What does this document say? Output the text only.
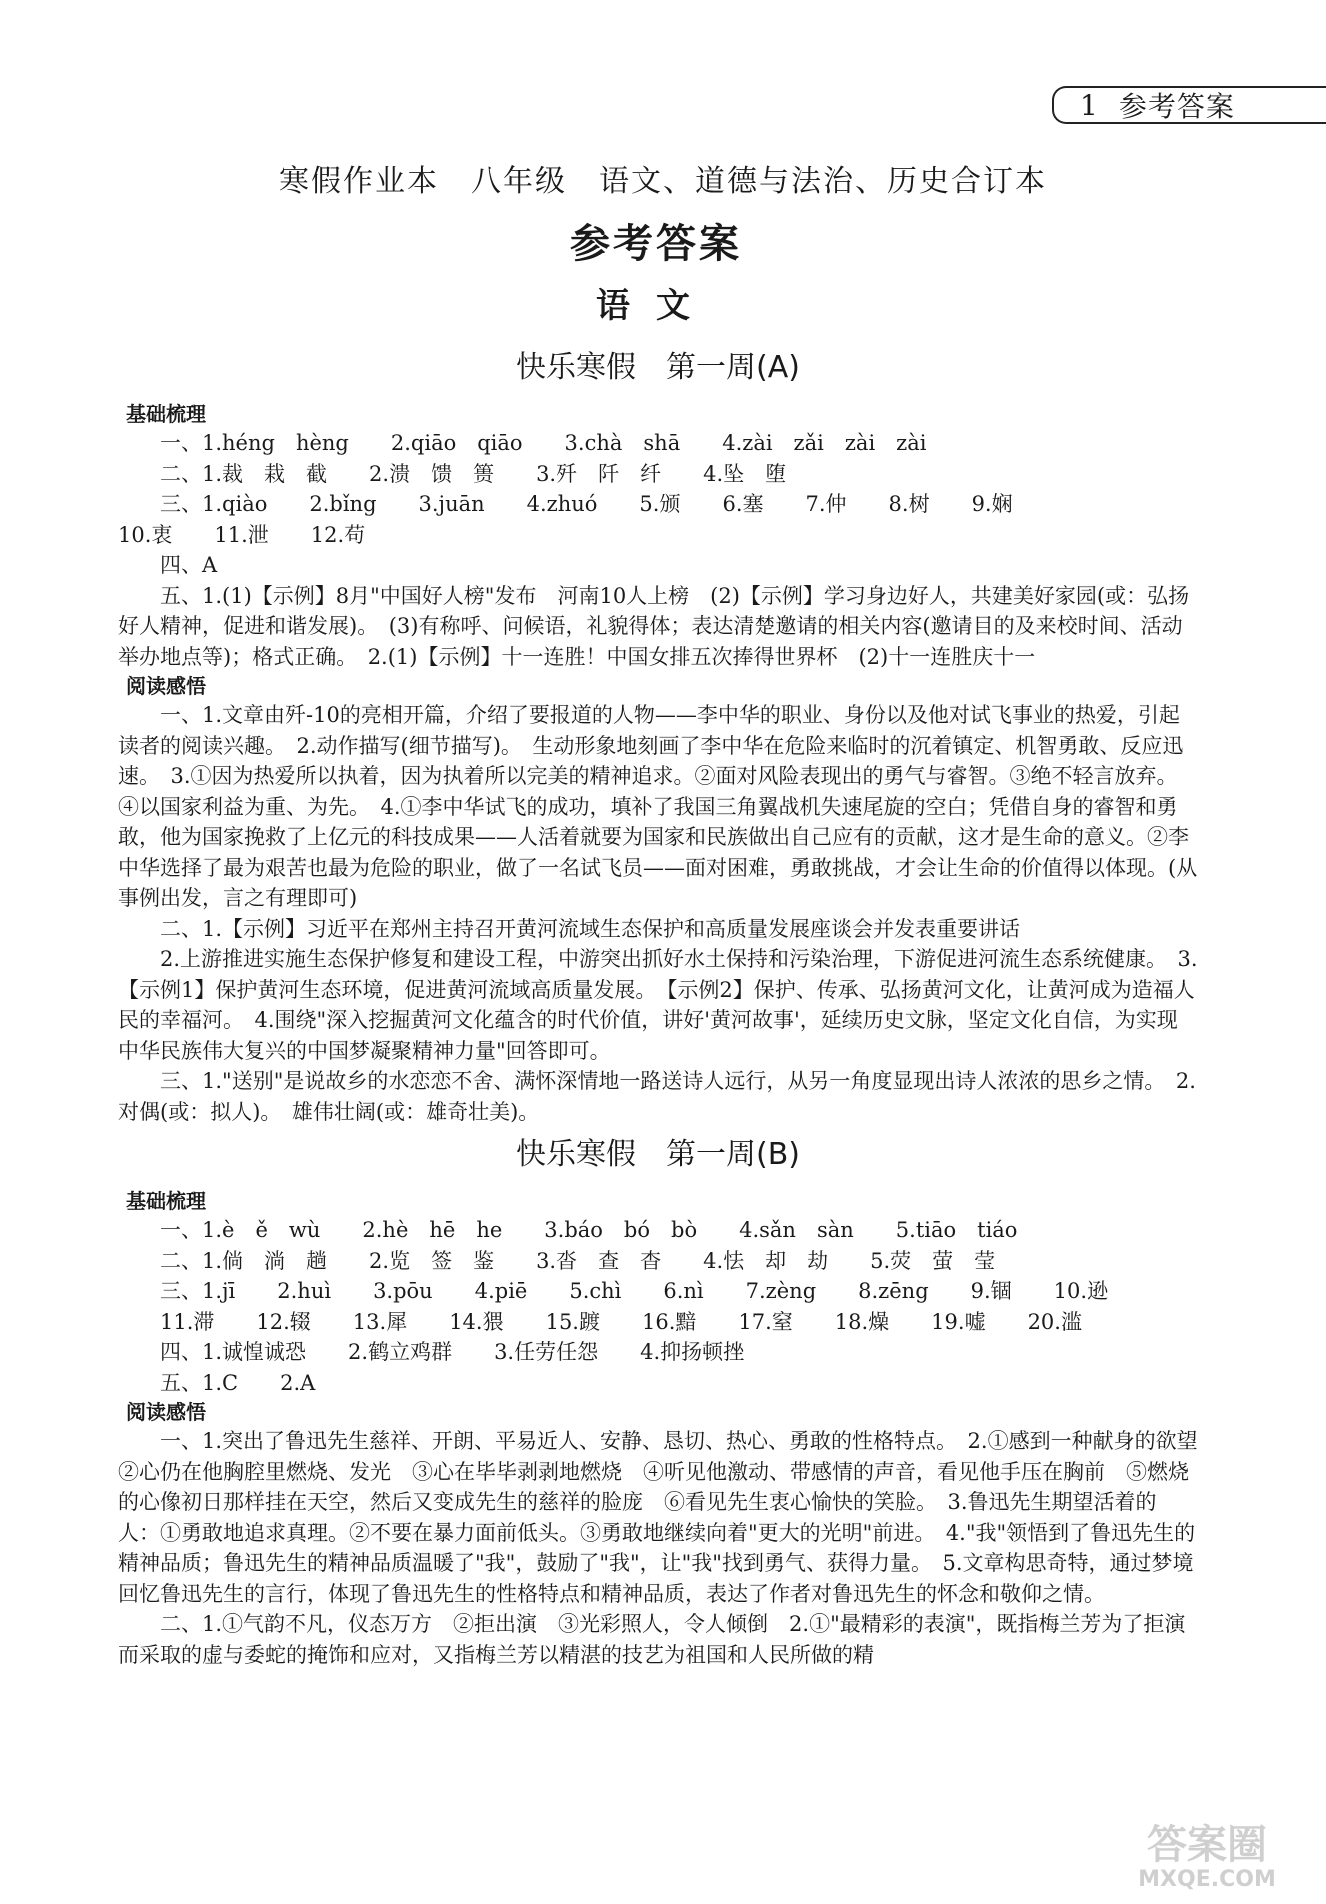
1 参考答案
寒假作业本　八年级　语文、道德与法治、历史合订本
参考答案
语文
快乐寒假　第一周(A)
基础梳理

一、1.héng　hèng　　2.qiāo　qiāo　　3.chà　shā　　4.zài　zǎi　zài　zài

二、1.裁　栽　截　　2.溃　馈　篑　　3.歼　阡　纤　　4.坠　堕

三、1.qiào　　2.bǐng　　3.juān　　4.zhuó　　5.颁　　6.塞　　7.仲　　8.树　　9.娴

10.衷　　11.泄　　12.苟

四、A

五、1.(1)【示例】8月"中国好人榜"发布　河南10人上榜　(2)【示例】学习身边好人，共建美好家园(或：弘扬好人精神，促进和谐发展)。　(3)有称呼、问候语，礼貌得体；表达清楚邀请的相关内容(邀请目的及来校时间、活动举办地点等)；格式正确。　2.(1)【示例】十一连胜！中国女排五次捧得世界杯　(2)十一连胜庆十一

阅读感悟

一、1.文章由歼-10的亮相开篇，介绍了要报道的人物——李中华的职业、身份以及他对试飞事业的热爱，引起读者的阅读兴趣。　2.动作描写(细节描写)。　生动形象地刻画了李中华在危险来临时的沉着镇定、机智勇敢、反应迅速。　3.①因为热爱所以执着，因为执着所以完美的精神追求。②面对风险表现出的勇气与睿智。③绝不轻言放弃。④以国家利益为重、为先。　4.①李中华试飞的成功，填补了我国三角翼战机失速尾旋的空白；凭借自身的睿智和勇敢，他为国家挽救了上亿元的科技成果——人活着就要为国家和民族做出自己应有的贡献，这才是生命的意义。②李中华选择了最为艰苦也最为危险的职业，做了一名试飞员——面对困难，勇敢挑战，才会让生命的价值得以体现。(从事例出发，言之有理即可)

二、1.【示例】习近平在郑州主持召开黄河流域生态保护和高质量发展座谈会并发表重要讲话

2.上游推进实施生态保护修复和建设工程，中游突出抓好水土保持和污染治理，下游促进河流生态系统健康。　3.【示例1】保护黄河生态环境，促进黄河流域高质量发展。　【示例2】保护、传承、弘扬黄河文化，让黄河成为造福人民的幸福河。　4.围绕"深入挖掘黄河文化蕴含的时代价值，讲好'黄河故事'，延续历史文脉，坚定文化自信，为实现中华民族伟大复兴的中国梦凝聚精神力量"回答即可。

三、1."送别"是说故乡的水恋恋不舍、满怀深情地一路送诗人远行，从另一角度显现出诗人浓浓的思乡之情。　2.对偶(或：拟人)。　雄伟壮阔(或：雄奇壮美)。

快乐寒假　第一周(B)
基础梳理

一、1.è　ě　wù　　2.hè　hē　he　　3.báo　bó　bò　　4.sǎn　sàn　　5.tiāo　tiáo

二、1.倘　淌　趟　　2.览　签　鉴　　3.沓　查　杳　　4.怯　却　劫　　5.荧　萤　莹

三、1.jī　　2.huì　　3.pōu　　4.piē　　5.chì　　6.nì　　7.zèng　　8.zēng　　9.锢　　10.逊

11.滞　　12.辍　　13.犀　　14.猥　　15.踱　　16.黯　　17.窒　　18.燥　　19.嘘　　20.滥

四、1.诚惶诚恐　　2.鹤立鸡群　　3.任劳任怨　　4.抑扬顿挫

五、1.C　　2.A

阅读感悟

一、1.突出了鲁迅先生慈祥、开朗、平易近人、安静、恳切、热心、勇敢的性格特点。　2.①感到一种献身的欲望　②心仍在他胸腔里燃烧、发光　③心在毕毕剥剥地燃烧　④听见他激动、带感情的声音，看见他手压在胸前　⑤燃烧的心像初日那样挂在天空，然后又变成先生的慈祥的脸庞　⑥看见先生衷心愉快的笑脸。　3.鲁迅先生期望活着的人：①勇敢地追求真理。②不要在暴力面前低头。③勇敢地继续向着"更大的光明"前进。　4."我"领悟到了鲁迅先生的精神品质；鲁迅先生的精神品质温暖了"我"，鼓励了"我"，让"我"找到勇气、获得力量。　5.文章构思奇特，通过梦境回忆鲁迅先生的言行，体现了鲁迅先生的性格特点和精神品质，表达了作者对鲁迅先生的怀念和敬仰之情。

二、1.①气韵不凡，仪态万方　②拒出演　③光彩照人，令人倾倒　2.①"最精彩的表演"，既指梅兰芳为了拒演而采取的虚与委蛇的掩饰和应对，又指梅兰芳以精湛的技艺为祖国和人民所做的精

答案圈
MXQE.COM
